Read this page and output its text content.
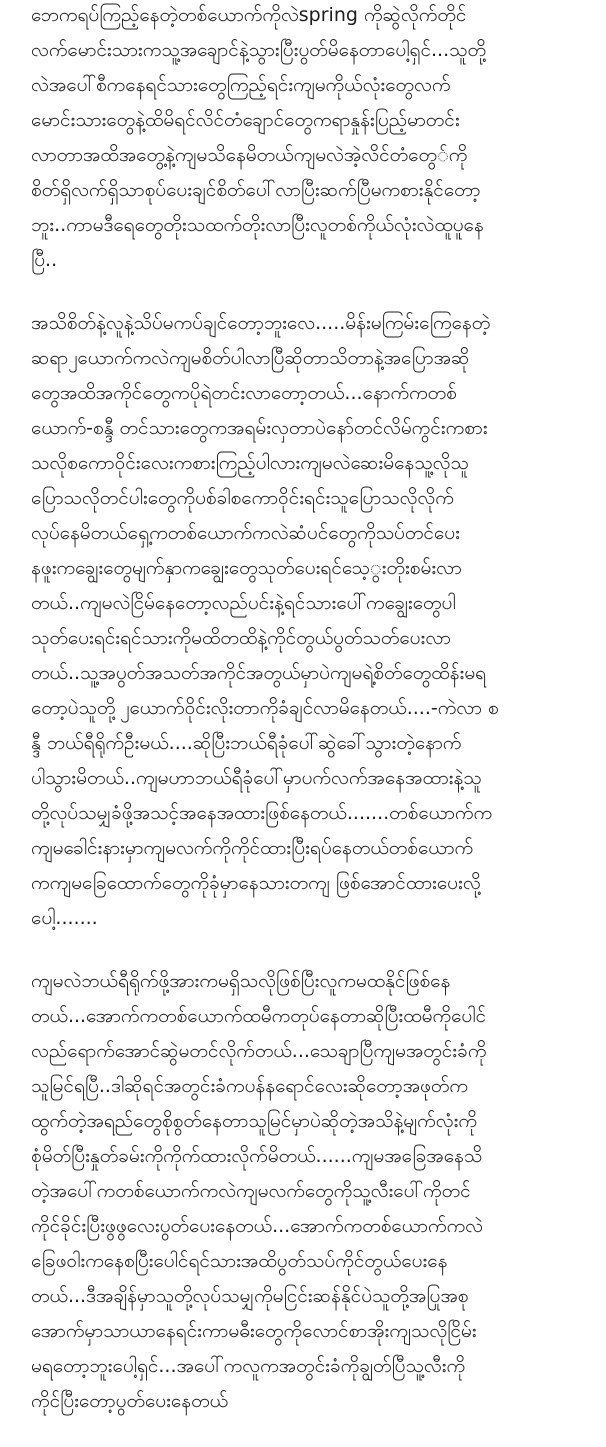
ဘေကရပ်ကြည့်နေတဲ့တစ်ယောက်ကိုလဲspring ကိုဆွဲလိုက်တိုင်
လက်မောင်းသားကသူ့အချောင်နဲ့သွားပြီးပွတ်မိနေတာပေါ့ရှင်...သူတို့
လဲအပေါ်စီကနေရင်သားတွေကြည့်ရင်းကျမကိုယ်လုံးတွေလက်
မောင်းသားတွေနဲ့ထိမိရင်လိင်တံချောင်တွေကရာနှုန်းပြည့်မာတင်း
လာတာအထိအတွေ့နဲ့ကျမသိနေမိတယ်ကျမလဲအဲ့လိင်တံတွေ်ကို
စိတ်ရှိလက်ရှိသာစုပ်ပေးချင်စိတ်ပေါ်လာပြီးဆက်ပြီမကစားနိုင်တော့
ဘူး..ကာမဒီရေတွေတိုးသထက်တိုးလာပြီးလူတစ်ကိုယ်လုံးလဲထူပူနေ
ပြီ..
အသိစိတ်နဲ့လူနဲ့သိပ်မကပ်ချင်တော့ဘူးလေ.....မိန်းမကြမ်းကြေနေတဲ့
ဆရာ၂ယောက်ကလဲကျမစိတ်ပါလာပြီဆိုတာသိတာနဲ့အပြောအဆို
တွေအထိအကိုင်တွေကပိုရဲတင်းလာတော့တယ်...နောက်ကတစ်
ယောက်-စန္ဒီ တင်သားတွေကအရမ်းလှတာပဲနော်တင်လိမ်ကွင်းကစား
သလိုစကောဝိုင်းလေးကစားကြည့်ပါလားကျမလဲဆေးမိနေသူ့လိုသူ
ပြောသလိုတင်ပါးတွေကိုပစ်ခါစကောဝိုင်းရင်းသူပြောသလိုလိုက်
လုပ်နေမိတယ်ရှေ့ကတစ်ယောက်ကလဲဆံပင်တွေကိုသပ်တင်ပေး
နဖူးကချွေးတွေမျက်နှာကချွေးတွေသုတ်ပေးရင်သေ့ွးတိုးစမ်းလာ
တယ်..ကျမလဲငြိမ်နေတော့လည်ပင်းနဲ့ရင်သားပေါ်ကချွေးတွေပါ
သုတ်ပေးရင်းရင်သားကိုမထိတထိနဲ့ကိုင်တွယ်ပွတ်သတ်ပေးလာ
တယ်..သူ့အပွတ်အသတ်အကိုင်အတွယ်မှာပဲကျမရဲ့စိတ်တွေထိန်းမရ
တော့ပဲသူတို့၂ယောက်ဝိုင်းလိုးတာကိုခံချင်လာမိနေတယ်....-ကဲလာ စ
န္ဒီ ဘယ်ရီရိုက်ဦးမယ်....ဆိုပြီးဘယ်ရီခုံပေါ်ဆွဲခေါ်သွားတဲ့နောက်
ပါသွားမိတယ်..ကျမဟာဘယ်ရီခုံပေါ်မှာပက်လက်အနေအထားနဲ့သူ
တို့လုပ်သမျှခံဖို့အသင့်အနေအထားဖြစ်နေတယ်.......တစ်ယောက်က
ကျမခေါင်းနားမှာကျမလက်ကိုကိုင်ထားပြီးရပ်နေတယ်တစ်ယောက်
ကကျမခြေထောက်တွေကိုခုံမှာနေသားတကျ ဖြစ်အောင်ထားပေးလို့
ပေါ့.......
ကျမလဲဘယ်ရီရိုက်ဖို့အားကမရှိသလိုဖြစ်ပြီးလူကမထနိုင်ဖြစ်နေ
တယ်...အောက်ကတစ်ယောက်ထမီကတုပ်နေတာဆိုပြီးထမီကိုပေါင်
လည်ရောက်အောင်ဆွဲမတင်လိုက်တယ်...သေချာပြီကျမအတွင်းခံကို
သူမြင်ရပြီ..ဒါဆိုရင်အတွင်းခံကပန်နရောင်လေးဆိုတော့အဖုတ်က
ထွက်တဲ့အရည်တွေစိုစွတ်နေတာသူမြင်မှာပဲဆိုတဲ့အသိနဲ့မျက်လုံးကို
စုံမိတ်ပြီးနှုတ်ခမ်းကိုကိုက်ထားလိုက်မိတယ်......ကျမအခြေအနေသိ
တဲ့အပေါ်ကတစ်ယောက်ကလဲကျမလက်တွေကိုသူ့လီးပေါ်ကိုတင်
ကိုင်ခိုင်းပြီးဖွဖွလေးပွတ်ပေးနေတယ်...အောက်ကတစ်ယောက်ကလဲ
ခြေဖဝါးကနေစပြီးပေါင်ရင်သားအထိပွတ်သပ်ကိုင်တွယ်ပေးနေ
တယ်...ဒီအချိန်မှာသူတို့လုပ်သမျှကိုမငြင်းဆန်နိုင်ပဲသူတို့အပြုအစု
အောက်မှာသာယာနေရင်းကာမဓီးတွေကိုလောင်စာအိုးကျသလိုငြိမ်း
မရတော့ဘူးပေါ့ရှင်...အပေါ်ကလူကအတွင်းခံကိုချွတ်ပြီသူ့လီးကို
ကိုင်ပြီးတော့ပွတ်ပေးနေတယ်
